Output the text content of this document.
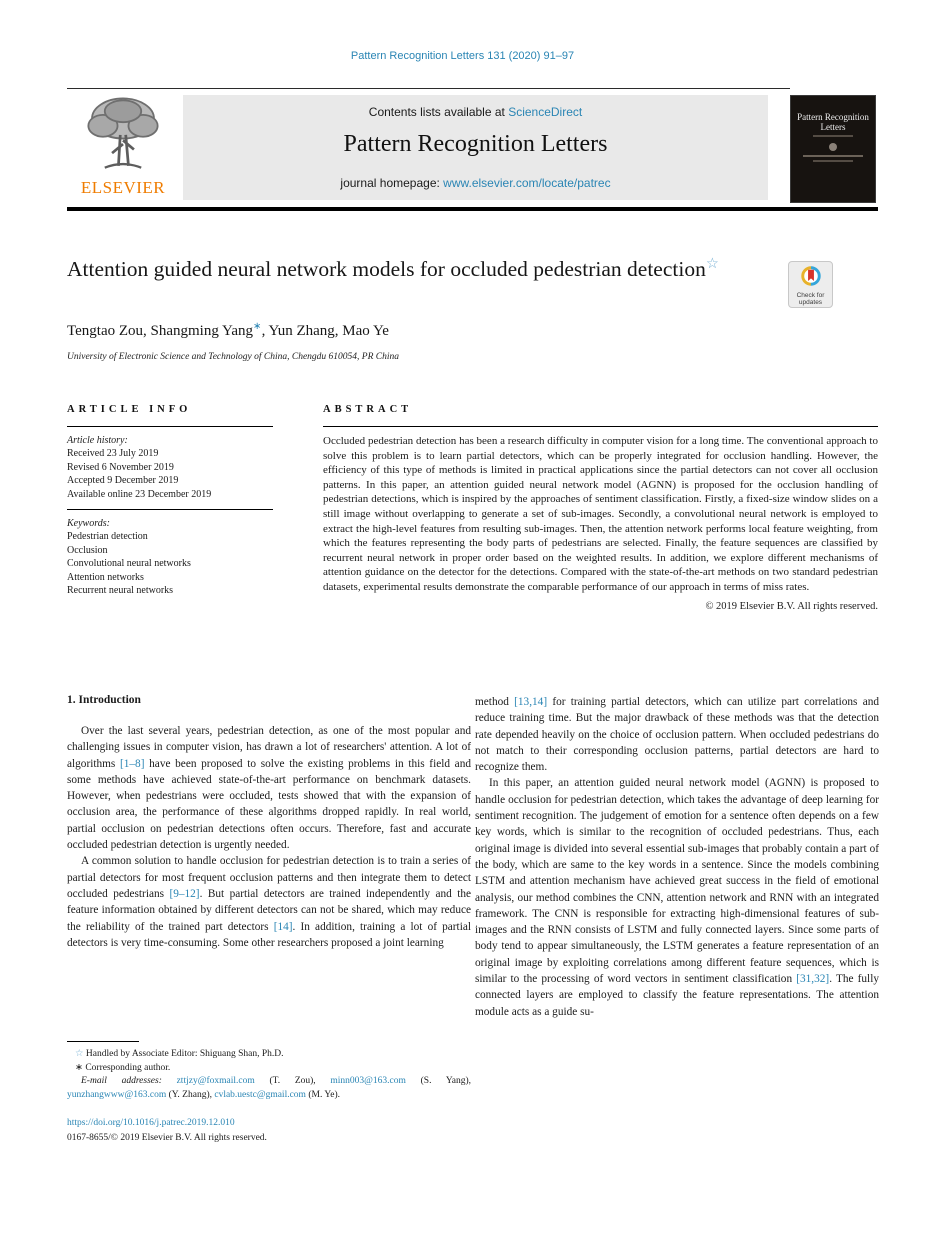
Pattern Recognition Letters 131 (2020) 91–97
ELSEVIER
Contents lists available at ScienceDirect
Pattern Recognition Letters
journal homepage: www.elsevier.com/locate/patrec
Pattern Recognition Letters
Attention guided neural network models for occluded pedestrian detection☆
Check for updates
Tengtao Zou, Shangming Yang∗, Yun Zhang, Mao Ye
University of Electronic Science and Technology of China, Chengdu 610054, PR China
ARTICLE INFO
Article history:
Received 23 July 2019
Revised 6 November 2019
Accepted 9 December 2019
Available online 23 December 2019
Keywords:
Pedestrian detection
Occlusion
Convolutional neural networks
Attention networks
Recurrent neural networks
ABSTRACT
Occluded pedestrian detection has been a research difficulty in computer vision for a long time. The conventional approach to solve this problem is to learn partial detectors, which can be properly integrated for occlusion handling. However, the efficiency of this type of methods is limited in practical applications since the partial detectors can not cover all occlusion patterns. In this paper, an attention guided neural network model (AGNN) is proposed for the occlusion handling of pedestrian detections, which is inspired by the approaches of sentiment classification. Firstly, a fixed-size window slides on a still image without overlapping to generate a set of sub-images. Secondly, a convolutional neural network is employed to extract the high-level features from resulting sub-images. Then, the attention network performs local feature weighting, from which the features representing the body parts of pedestrians are selected. Finally, the feature sequences are classified by recurrent neural network in proper order based on the weighted results. In addition, we explore different mechanisms of attention guidance on the detector for the detections. Compared with the state-of-the-art methods on two standard pedestrian datasets, experimental results demonstrate the comparable performance of our approach in terms of miss rates.
© 2019 Elsevier B.V. All rights reserved.
1. Introduction

Over the last several years, pedestrian detection, as one of the most popular and challenging issues in computer vision, has drawn a lot of researchers' attention. A lot of algorithms [1–8] have been proposed to solve the existing problems in this field and some methods have achieved state-of-the-art performance on benchmark datasets. However, when pedestrians were occluded, tests showed that with the expansion of occlusion area, the performance of these algorithms dropped rapidly. In real world, partial occlusion on pedestrian detections often occurs. Therefore, fast and accurate occluded pedestrian detection is urgently needed.

A common solution to handle occlusion for pedestrian detection is to train a series of partial detectors for most frequent occlusion patterns and then integrate them to detect occluded pedestrians [9–12]. But partial detectors are trained independently and the feature information obtained by different detectors can not be shared, which may reduce the reliability of the trained part detectors [14]. In addition, training a lot of partial detectors is very time-consuming. Some other researchers proposed a joint learning

method [13,14] for training partial detectors, which can utilize part correlations and reduce training time. But the major drawback of these methods was that the detection rate depended heavily on the choice of occlusion pattern. When occluded pedestrians do not match to their corresponding occlusion patterns, partial detectors are hard to recognize them.

In this paper, an attention guided neural network model (AGNN) is proposed to handle occlusion for pedestrian detection, which takes the advantage of deep learning for sentiment recognition. The judgement of emotion for a sentence often depends on a few key words, which is similar to the recognition of occluded pedestrians. Thus, each original image is divided into several essential sub-images that probably contain a part of the body, which are same to the key words in a sentence. Since the models combining LSTM and attention mechanism have achieved great success in the field of emotional analysis, our method combines the CNN, attention network and RNN with an integrated framework. The CNN is responsible for extracting high-dimensional features of sub-images and the RNN consists of LSTM and fully connected layers. Since some parts of body tend to appear simultaneously, the LSTM generates a feature representation of an original image by exploiting correlations among different feature sequences, which is similar to the processing of word vectors in sentiment classification [31,32]. The fully connected layers are employed to classify the feature representations. The attention module acts as a guide su-

☆ Handled by Associate Editor: Shiguang Shan, Ph.D.
∗ Corresponding author.
E-mail addresses: zttjzy@foxmail.com (T. Zou), minn003@163.com (S. Yang), yunzhangwww@163.com (Y. Zhang), cvlab.uestc@gmail.com (M. Ye).
https://doi.org/10.1016/j.patrec.2019.12.010
0167-8655/© 2019 Elsevier B.V. All rights reserved.
